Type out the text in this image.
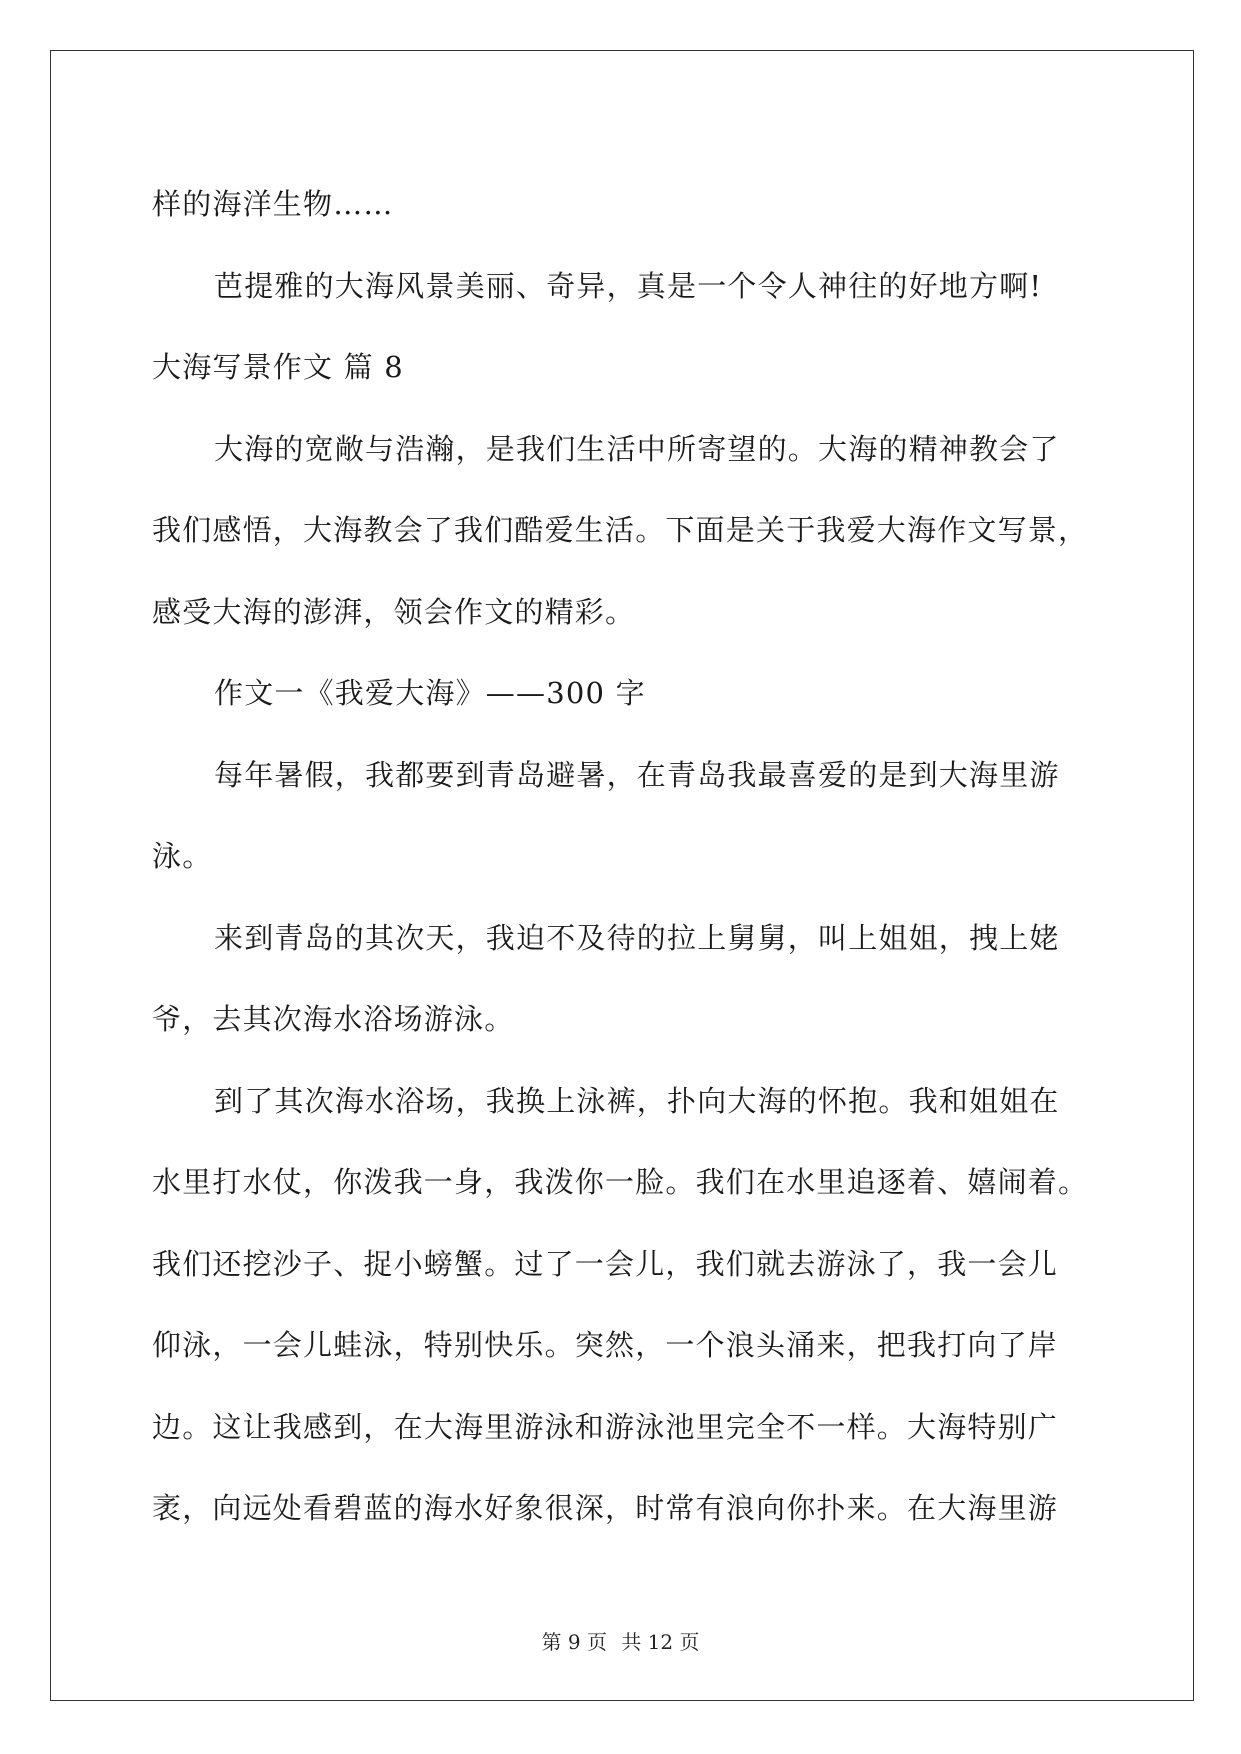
样的海洋生物……
芭提雅的大海风景美丽、奇异，真是一个令人神往的好地方啊!
大海写景作文 篇 8
大海的宽敞与浩瀚，是我们生活中所寄望的。大海的精神教会了
我们感悟，大海教会了我们酷爱生活。下面是关于我爱大海作文写景，
感受大海的澎湃，领会作文的精彩。
作文一《我爱大海》——300 字
每年暑假，我都要到青岛避暑，在青岛我最喜爱的是到大海里游
泳。
来到青岛的其次天，我迫不及待的拉上舅舅，叫上姐姐，拽上姥
爷，去其次海水浴场游泳。
到了其次海水浴场，我换上泳裤，扑向大海的怀抱。我和姐姐在
水里打水仗，你泼我一身，我泼你一脸。我们在水里追逐着、嬉闹着。
我们还挖沙子、捉小螃蟹。过了一会儿，我们就去游泳了，我一会儿
仰泳，一会儿蛙泳，特别快乐。突然，一个浪头涌来，把我打向了岸
边。这让我感到，在大海里游泳和游泳池里完全不一样。大海特别广
袤，向远处看碧蓝的海水好象很深，时常有浪向你扑来。在大海里游
第 9 页 共 12 页
